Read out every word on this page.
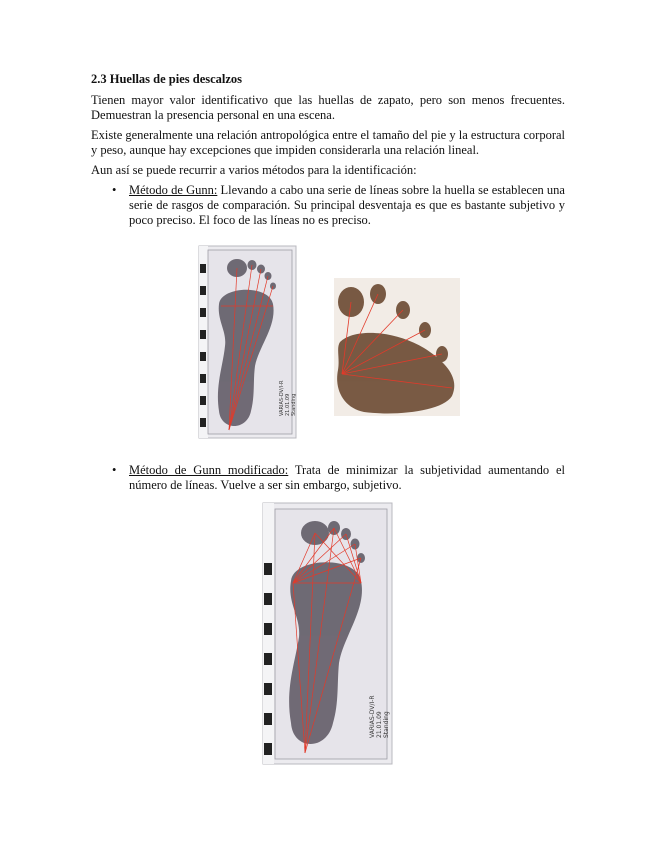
2.3 Huellas de pies descalzos

Tienen mayor valor identificativo que las huellas de zapato, pero son menos frecuentes. Demuestran la presencia personal en una escena.

Existe generalmente una relación antropológica entre el tamaño del pie y la estructura corporal y peso, aunque hay excepciones que impiden considerarla una relación lineal.

Aun así se puede recurrir a varios métodos para la identificación:

• Método de Gunn: Llevando a cabo una serie de líneas sobre la huella se establecen una serie de rasgos de comparación. Su principal desventaja es que es bastante subjetivo y poco preciso. El foco de las líneas no es preciso.
VARIAS-DV/I-R 21.01.09 Standing
• Método de Gunn modificado: Trata de minimizar la subjetividad aumentando el número de líneas. Vuelve a ser sin embargo, subjetivo.
VARIAS-DV/I-R 21.01.09 Standing
